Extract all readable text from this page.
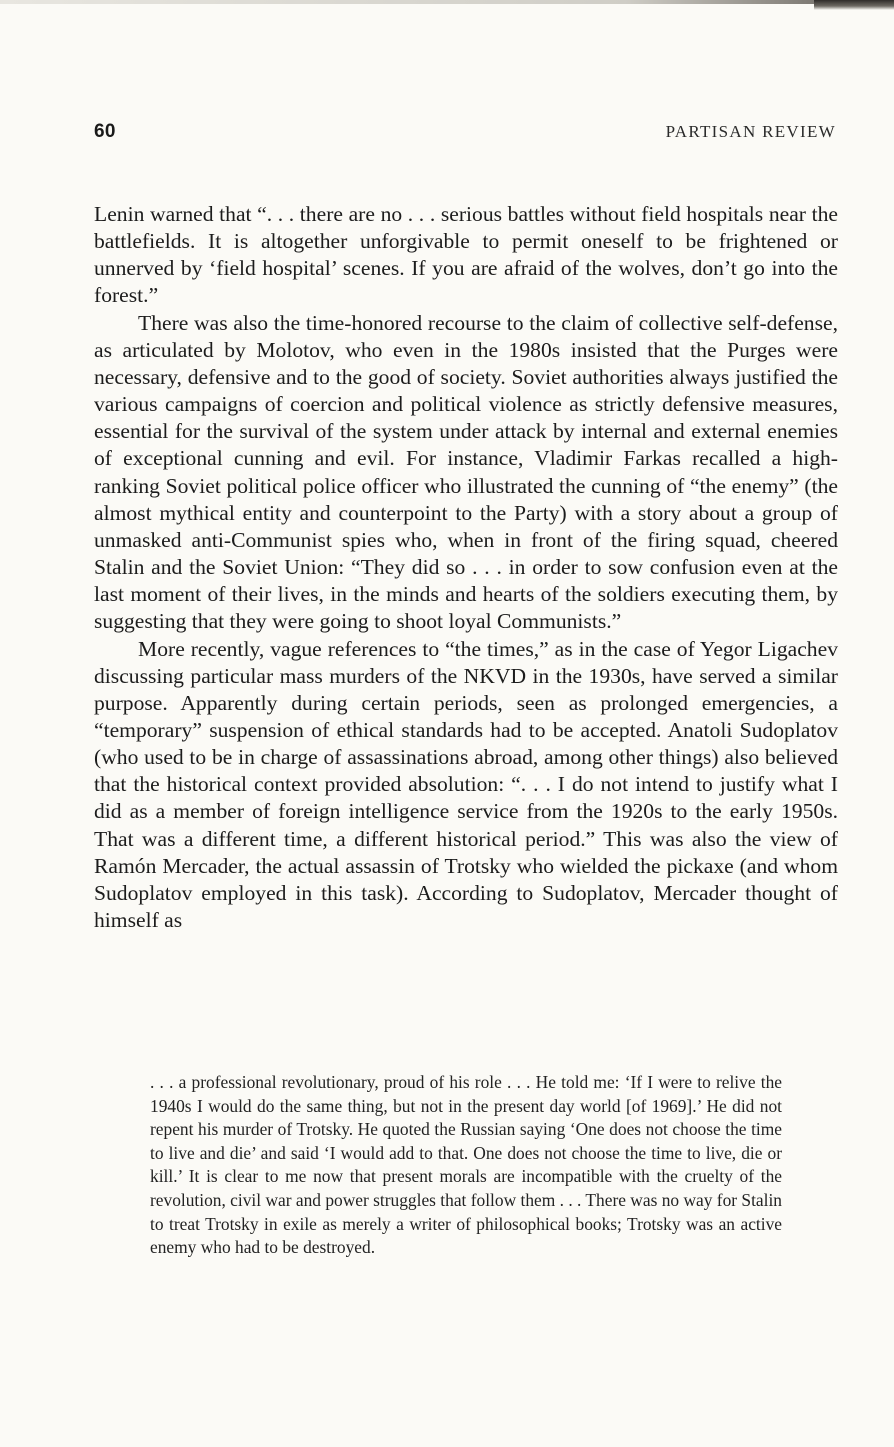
60	PARTISAN REVIEW

Lenin warned that “. . . there are no . . . serious battles without field hospitals near the battlefields. It is altogether unforgivable to permit oneself to be frightened or unnerved by ‘field hospital’ scenes. If you are afraid of the wolves, don’t go into the forest.”

There was also the time-honored recourse to the claim of collective self-defense, as articulated by Molotov, who even in the 1980s insisted that the Purges were necessary, defensive and to the good of society. Soviet authorities always justified the various campaigns of coercion and political violence as strictly defensive measures, essential for the survival of the system under attack by internal and external enemies of exceptional cunning and evil. For instance, Vladimir Farkas recalled a high-ranking Soviet political police officer who illustrated the cunning of “the enemy” (the almost mythical entity and counterpoint to the Party) with a story about a group of unmasked anti-Communist spies who, when in front of the firing squad, cheered Stalin and the Soviet Union: “They did so . . . in order to sow confusion even at the last moment of their lives, in the minds and hearts of the soldiers executing them, by suggesting that they were going to shoot loyal Communists.”

More recently, vague references to “the times,” as in the case of Yegor Ligachev discussing particular mass murders of the NKVD in the 1930s, have served a similar purpose. Apparently during certain periods, seen as prolonged emergencies, a “temporary” suspension of ethical standards had to be accepted. Anatoli Sudoplatov (who used to be in charge of assassinations abroad, among other things) also believed that the historical context provided absolution: “. . . I do not intend to justify what I did as a member of foreign intelligence service from the 1920s to the early 1950s. That was a different time, a different historical period.” This was also the view of Ramón Mercader, the actual assassin of Trotsky who wielded the pickaxe (and whom Sudoplatov employed in this task). According to Sudoplatov, Mercader thought of himself as

. . . a professional revolutionary, proud of his role . . . He told me: ‘If I were to relive the 1940s I would do the same thing, but not in the present day world [of 1969].’ He did not repent his murder of Trotsky. He quoted the Russian saying ‘One does not choose the time to live and die’ and said ‘I would add to that. One does not choose the time to live, die or kill.’ It is clear to me now that present morals are incompatible with the cruelty of the revolution, civil war and power struggles that follow them . . . There was no way for Stalin to treat Trotsky in exile as merely a writer of philosophical books; Trotsky was an active enemy who had to be destroyed.
